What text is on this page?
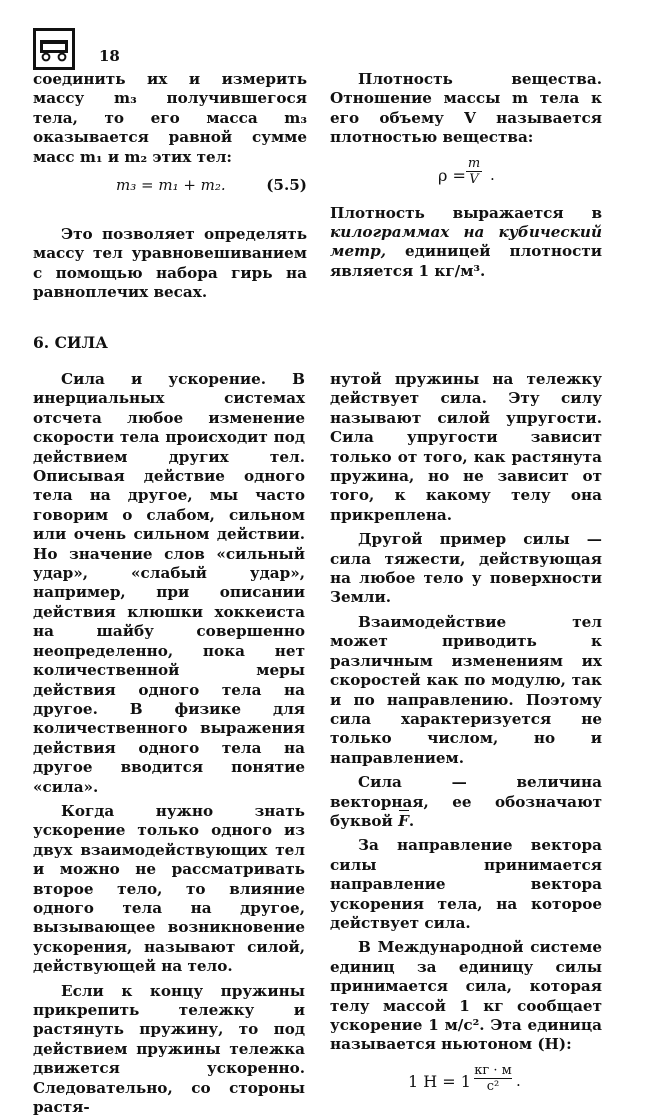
18

соединить их и измерить массу m₃ получившегося тела, то его масса m₃ оказывается равной сумме масс m₁ и m₂ этих тел:

m₃ = m₁ + m₂.	(5.5)

Это позволяет определять массу тел уравновешиванием с помощью набора гирь на равноплечих весах.

Плотность вещества. Отношение массы m тела к его объему V называется плотностью вещества:

ρ =
m
V .

Плотность выражается в килограммах на кубический метр, единицей плотности является 1 кг/м³.

6. СИЛА

Сила и ускорение. В инерциальных системах отсчета любое изменение скорости тела происходит под действием других тел. Описывая действие одного тела на другое, мы часто говорим о слабом, сильном или очень сильном действии. Но значение слов «сильный удар», «слабый удар», например, при описании действия клюшки хоккеиста на шайбу совершенно неопределенно, пока нет количественной меры действия одного тела на другое. В физике для количественного выражения действия одного тела на другое вводится понятие «сила».

Когда нужно знать ускорение только одного из двух взаимодействующих тел и можно не рассматривать второе тело, то влияние одного тела на другое, вызывающее возникновение ускорения, называют силой, действующей на тело.

Если к концу пружины прикрепить тележку и растянуть пружину, то под действием пружины тележка движется ускоренно. Следовательно, со стороны растя-

нутой пружины на тележку действует сила. Эту силу называют силой упругости. Сила упругости зависит только от того, как растянута пружина, но не зависит от того, к какому телу она прикреплена.

Другой пример силы — сила тяжести, действующая на любое тело у поверхности Земли.

Взаимодействие тел может приводить к различным изменениям их скоростей как по модулю, так и по направлению. Поэтому сила характеризуется не только числом, но и направлением.

Сила — величина векторная, ее обозначают буквой F.

За направление вектора силы принимается направление вектора ускорения тела, на которое действует сила.

В Международной системе единиц за единицу силы принимается сила, которая телу массой 1 кг сообщает ускорение 1 м/с². Эта единица называется ньютоном (Н):

1 Н = 1
кг · м
с²	.
